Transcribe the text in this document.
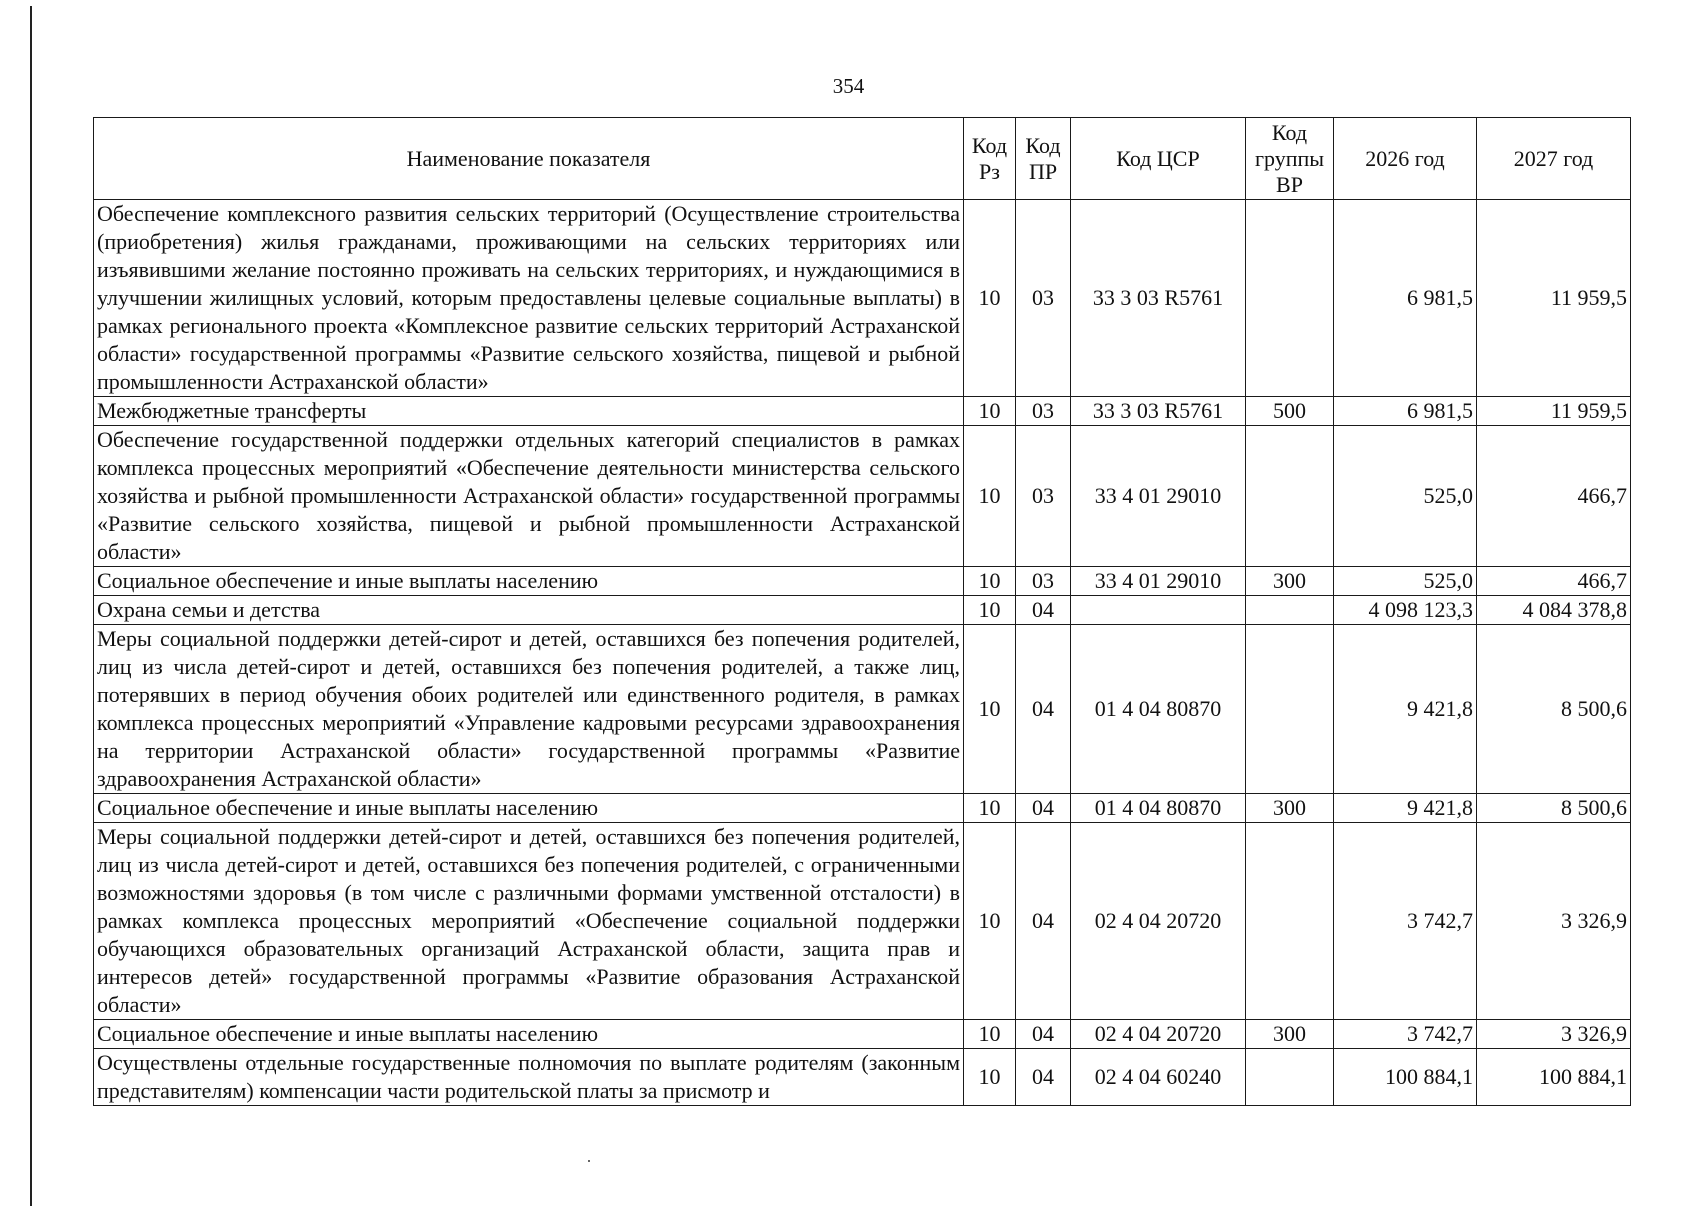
354
Наименование показателя	Код Рз	Код ПР	Код ЦСР	Код группы ВР	2026 год	2027 год
Обеспечение комплексного развития сельских территорий (Осуществление строительства (приобретения) жилья гражданами, проживающими на сельских территориях или изъявившими желание постоянно проживать на сельских территориях, и нуждающимися в улучшении жилищных условий, которым предоставлены целевые социальные выплаты) в рамках регионального проекта «Комплексное развитие сельских территорий Астраханской области» государственной программы «Развитие сельского хозяйства, пищевой и рыбной промышленности Астраханской области»	10	03	33 3 03 R5761		6 981,5	11 959,5
Межбюджетные трансферты	10	03	33 3 03 R5761	500	6 981,5	11 959,5
Обеспечение государственной поддержки отдельных категорий специалистов в рамках комплекса процессных мероприятий «Обеспечение деятельности министерства сельского хозяйства и рыбной промышленности Астраханской области» государственной программы «Развитие сельского хозяйства, пищевой и рыбной промышленности Астраханской области»	10	03	33 4 01 29010		525,0	466,7
Социальное обеспечение и иные выплаты населению	10	03	33 4 01 29010	300	525,0	466,7
Охрана семьи и детства	10	04			4 098 123,3	4 084 378,8
Меры социальной поддержки детей-сирот и детей, оставшихся без попечения родителей, лиц из числа детей-сирот и детей, оставшихся без попечения родителей, а также лиц, потерявших в период обучения обоих родителей или единственного родителя, в рамках комплекса процессных мероприятий «Управление кадровыми ресурсами здравоохранения на территории Астраханской области» государственной программы «Развитие здравоохранения Астраханской области»	10	04	01 4 04 80870		9 421,8	8 500,6
Социальное обеспечение и иные выплаты населению	10	04	01 4 04 80870	300	9 421,8	8 500,6
Меры социальной поддержки детей-сирот и детей, оставшихся без попечения родителей, лиц из числа детей-сирот и детей, оставшихся без попечения родителей, с ограниченными возможностями здоровья (в том числе с различными формами умственной отсталости) в рамках комплекса процессных мероприятий «Обеспечение социальной поддержки обучающихся образовательных организаций Астраханской области, защита прав и интересов детей» государственной программы «Развитие образования Астраханской области»	10	04	02 4 04 20720		3 742,7	3 326,9
Социальное обеспечение и иные выплаты населению	10	04	02 4 04 20720	300	3 742,7	3 326,9
Осуществлены отдельные государственные полномочия по выплате родителям (законным представителям) компенсации части родительской платы за присмотр и	10	04	02 4 04 60240		100 884,1	100 884,1
